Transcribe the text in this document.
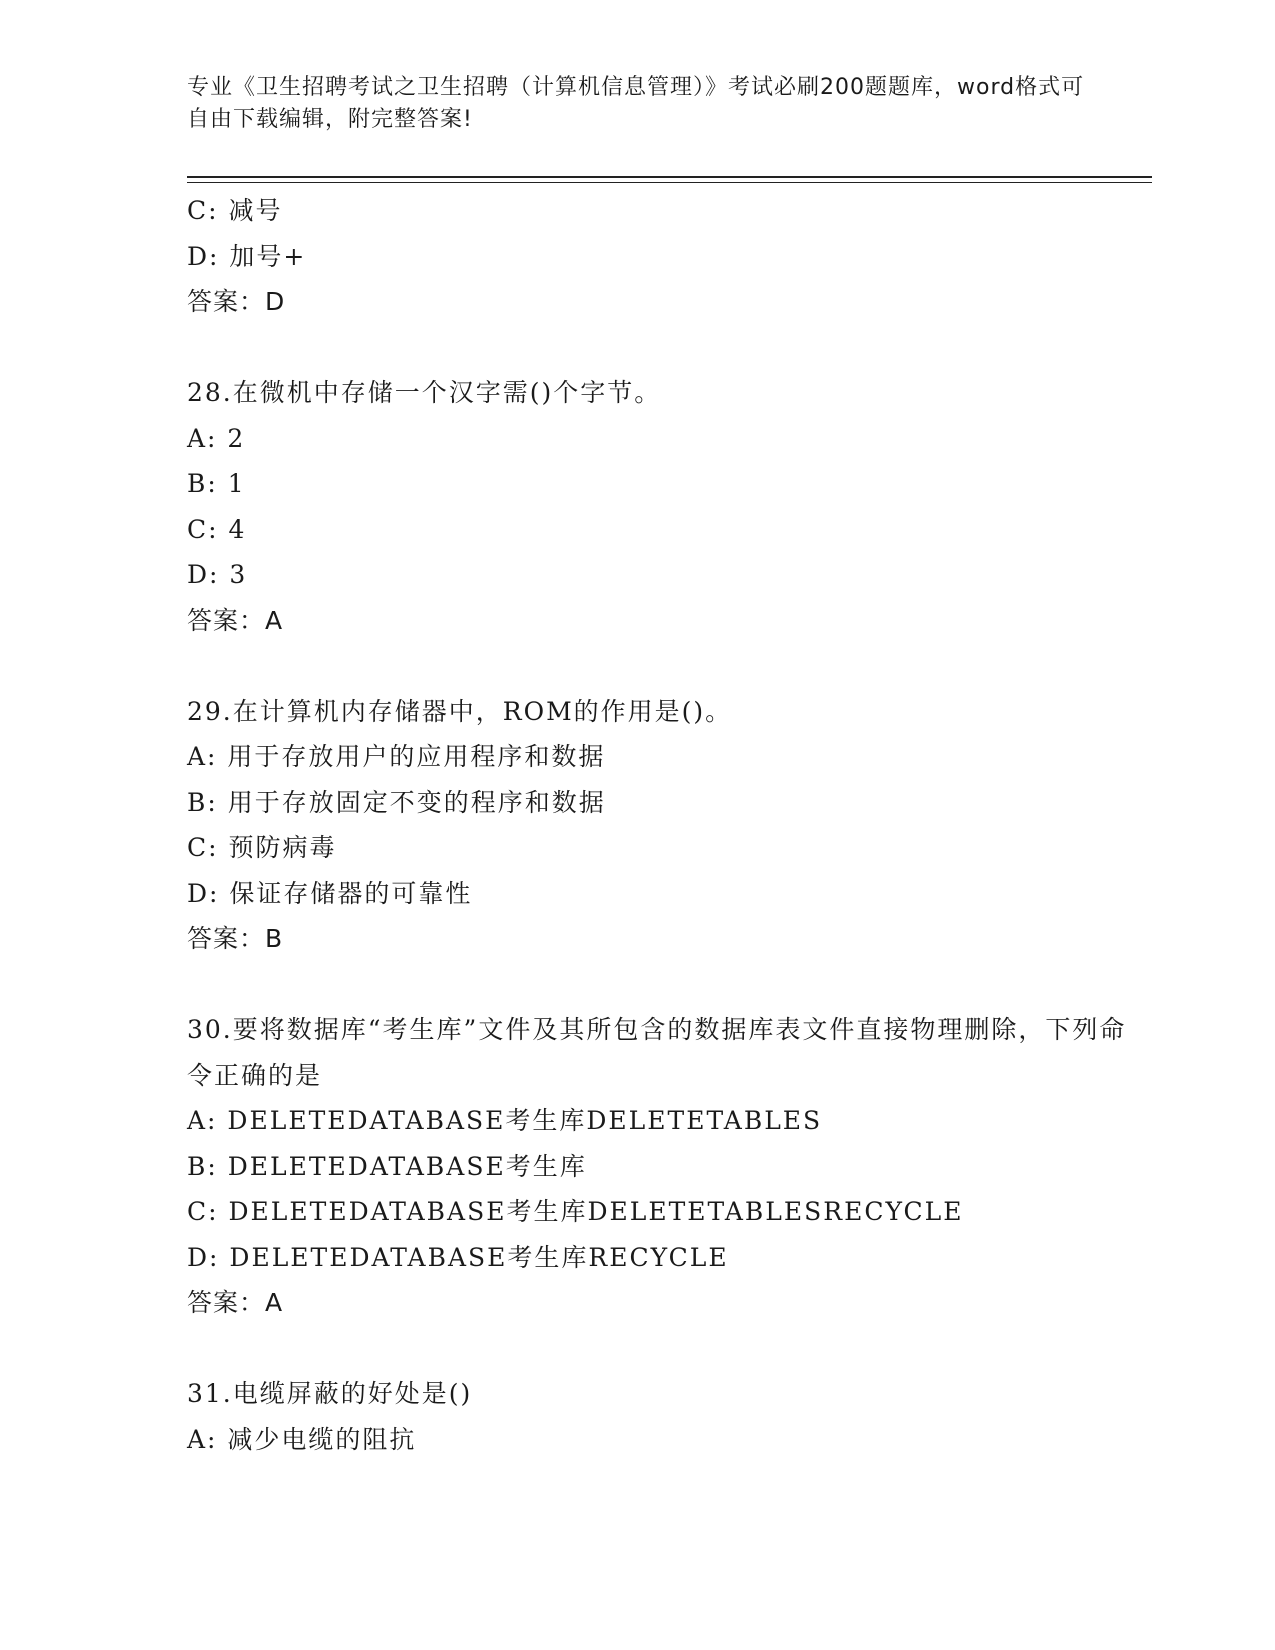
专业《卫生招聘考试之卫生招聘（计算机信息管理）》考试必刷200题题库，word格式可自由下载编辑，附完整答案!
C: 减号
D: 加号+
答案：D
28.在微机中存储一个汉字需()个字节。
A: 2
B: 1
C: 4
D: 3
答案：A
29.在计算机内存储器中，ROM的作用是()。
A: 用于存放用户的应用程序和数据
B: 用于存放固定不变的程序和数据
C: 预防病毒
D: 保证存储器的可靠性
答案：B
30.要将数据库“考生库”文件及其所包含的数据库表文件直接物理删除，下列命令正确的是
A: DELETEDATABASE考生库DELETETABLES
B: DELETEDATABASE考生库
C: DELETEDATABASE考生库DELETETABLESRECYCLE
D: DELETEDATABASE考生库RECYCLE
答案：A
31.电缆屏蔽的好处是()
A: 减少电缆的阻抗
